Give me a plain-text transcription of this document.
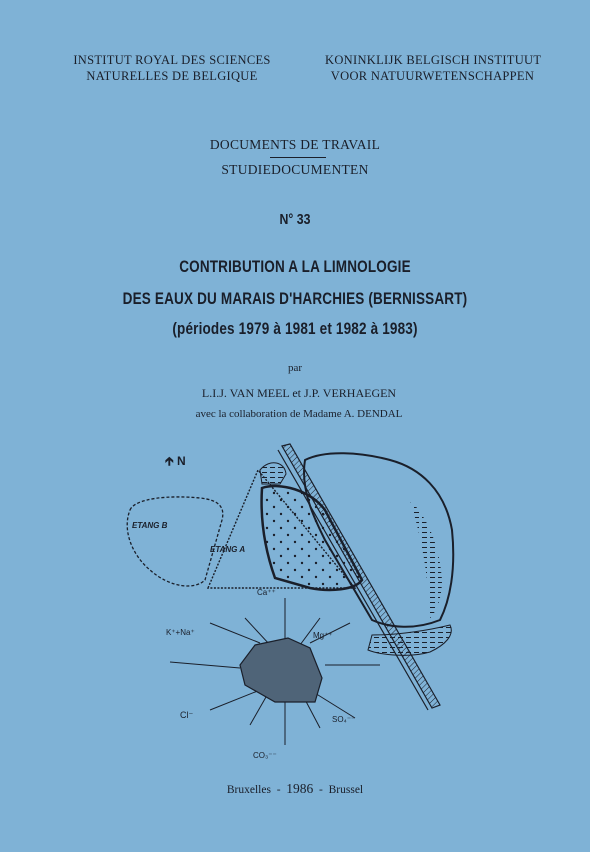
INSTITUT ROYAL DES SCIENCES
NATURELLES DE BELGIQUE
KONINKLIJK BELGISCH INSTITUUT
VOOR NATUURWETENSCHAPPEN
DOCUMENTS DE TRAVAIL
STUDIEDOCUMENTEN
N° 33
CONTRIBUTION A LA LIMNOLOGIE
DES EAUX DU MARAIS D'HARCHIES (BERNISSART)
(périodes 1979 à 1981 et 1982 à 1983)
par
L.I.J. VAN MEEL et J.P. VERHAEGEN
avec la collaboration de Madame A. DENDAL
🡱 N
ETANG B
ETANG A
Ca⁺⁺
K⁺+Na⁺	Mg⁺⁺
Cl⁻	SO₄⁻⁻
CO₃⁻⁻
Bruxelles  -  1986  -  Brussel
